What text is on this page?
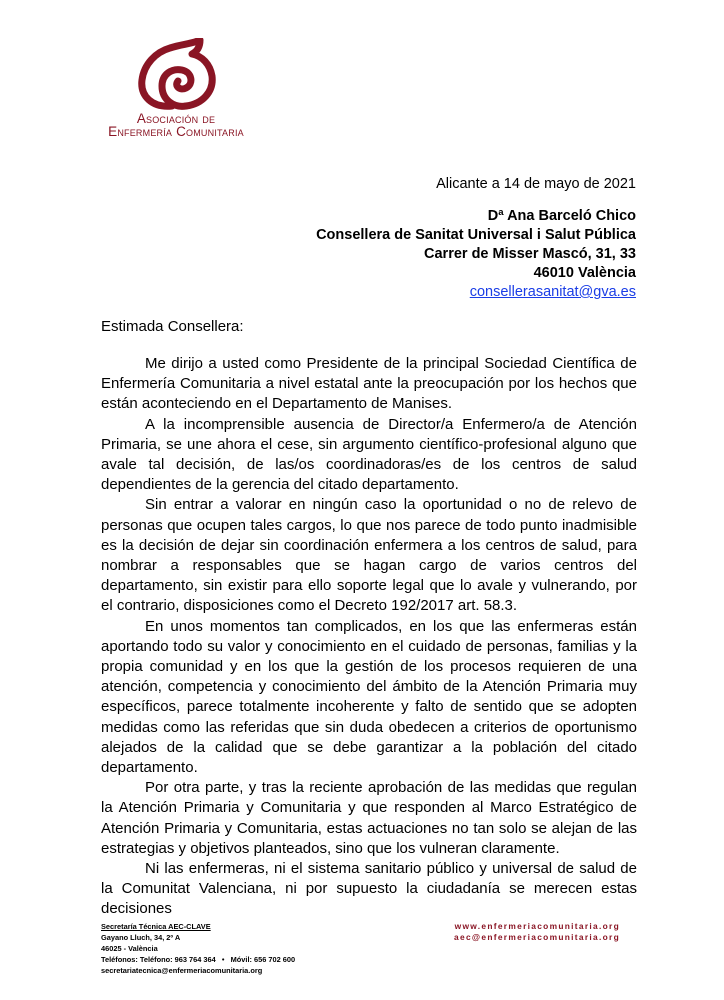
Asociación de
Enfermería Comunitaria
Alicante a 14 de mayo de 2021
Dª Ana Barceló Chico
Consellera de Sanitat Universal i Salut Pública
Carrer de Misser Mascó, 31, 33
46010 València
consellerasanitat@gva.es
Estimada Consellera:

Me dirijo a usted como Presidente de la principal Sociedad Científica de Enfermería Comunitaria a nivel estatal ante la preocupación por los hechos que están aconteciendo en el Departamento de Manises.

A la incomprensible ausencia de Director/a Enfermero/a de Atención Primaria, se une ahora el cese, sin argumento científico-profesional alguno que avale tal decisión, de las/os coordinadoras/es de los centros de salud dependientes de la gerencia del citado departamento.

Sin entrar a valorar en ningún caso la oportunidad o no de relevo de personas que ocupen tales cargos, lo que nos parece de todo punto inadmisible es la decisión de dejar sin coordinación enfermera a los centros de salud, para nombrar a responsables que se hagan cargo de varios centros del departamento, sin existir para ello soporte legal que lo avale y vulnerando, por el contrario, disposiciones como el Decreto 192/2017 art. 58.3.

En unos momentos tan complicados, en los que las enfermeras están aportando todo su valor y conocimiento en el cuidado de personas, familias y la propia comunidad y en los que la gestión de los procesos requieren de una atención, competencia y conocimiento del ámbito de la Atención Primaria muy específicos, parece totalmente incoherente y falto de sentido que se adopten medidas como las referidas que sin duda obedecen a criterios de oportunismo alejados de la calidad que se debe garantizar a la población del citado departamento.

Por otra parte, y tras la reciente aprobación de las medidas que regulan la Atención Primaria y Comunitaria y que responden al Marco Estratégico de Atención Primaria y Comunitaria, estas actuaciones no tan solo se alejan de las estrategias y objetivos planteados, sino que los vulneran claramente.

Ni las enfermeras, ni el sistema sanitario público y universal de salud de la Comunitat Valenciana, ni por supuesto la ciudadanía se merecen estas decisiones

Secretaría Técnica AEC-CLAVE
Gayano Lluch, 34, 2º A
46025 - València
Teléfonos: Teléfono: 963 764 364   •   Móvil: 656 702 600
secretariatecnica@enfermeriacomunitaria.org
www.enfermeriacomunitaria.org
aec@enfermeriacomunitaria.org
